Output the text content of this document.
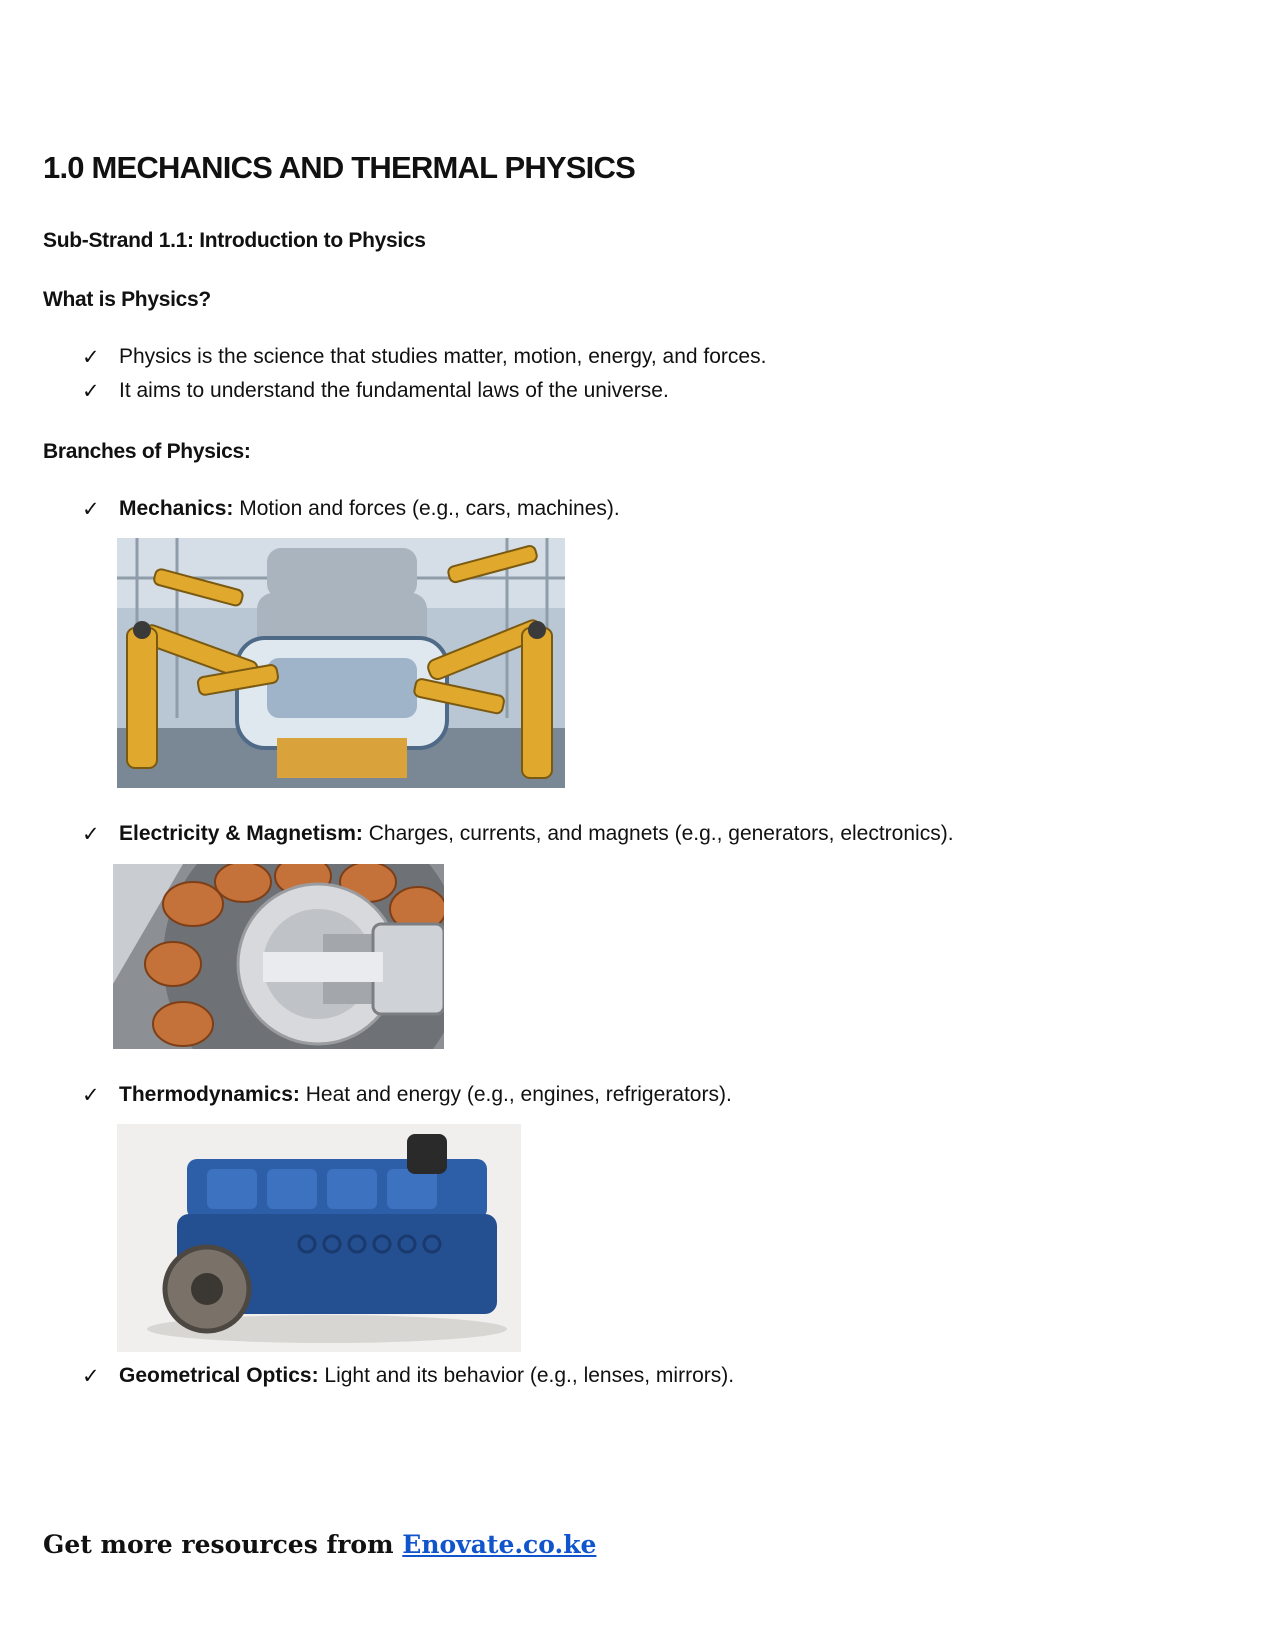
1.0 MECHANICS AND THERMAL PHYSICS
Sub-Strand 1.1: Introduction to Physics
What is Physics?
✓ Physics is the science that studies matter, motion, energy, and forces.
✓ It aims to understand the fundamental laws of the universe.
Branches of Physics:
✓ Mechanics: Motion and forces (e.g., cars, machines).
✓ Electricity & Magnetism: Charges, currents, and magnets (e.g., generators, electronics).
✓ Thermodynamics: Heat and energy (e.g., engines, refrigerators).
✓ Geometrical Optics: Light and its behavior (e.g., lenses, mirrors).

Get more resources from Enovate.co.ke
